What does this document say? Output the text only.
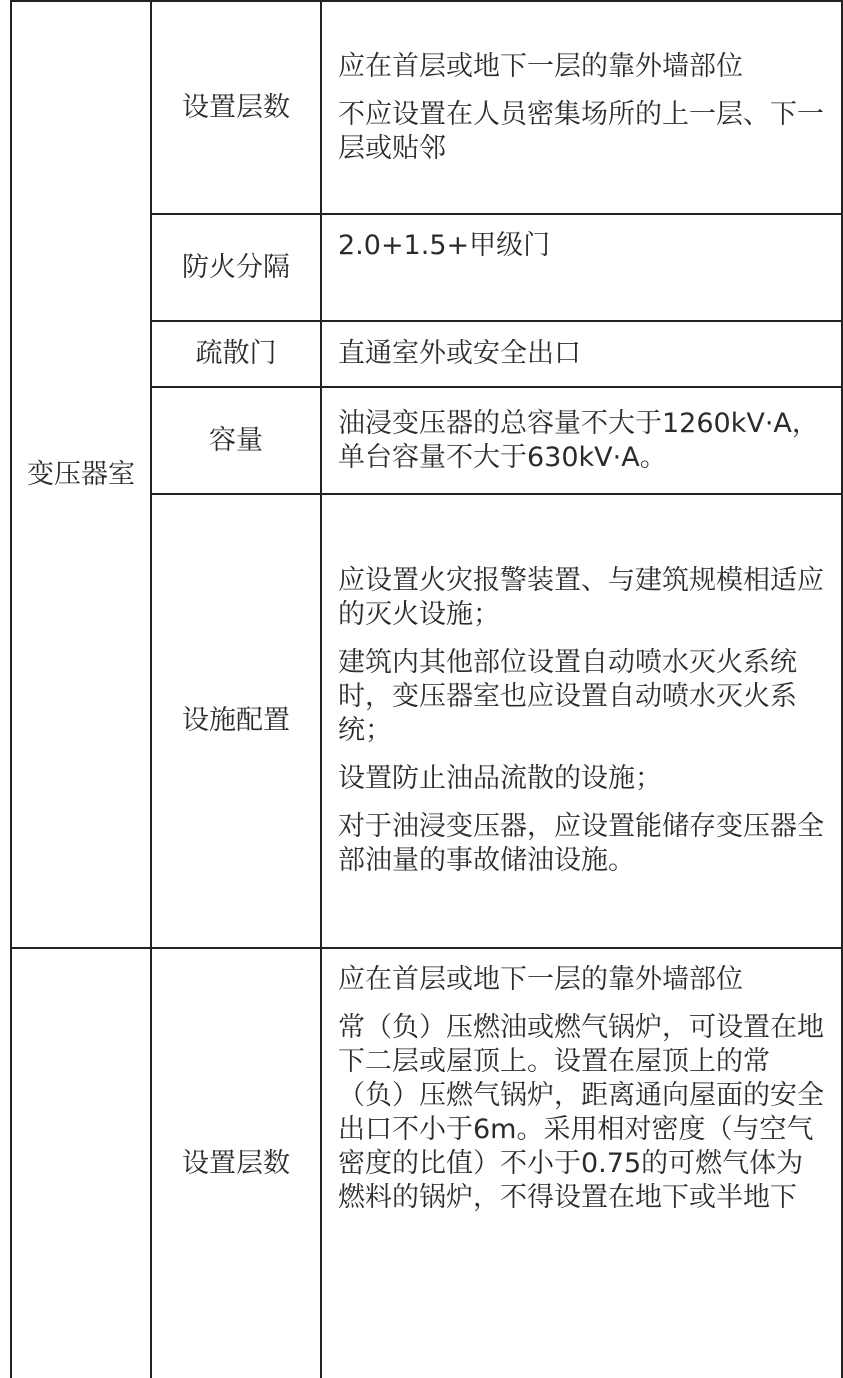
变压器室	设置层数	应在首层或地下一层的靠外墙部位
不应设置在人员密集场所的上一层、下一层或贴邻

	防火分隔	2.0+1.5+甲级门

	疏散门	直通室外或安全出口

	容量	油浸变压器的总容量不大于1260kV·A，单台容量不大于630kV·A。

	设施配置	应设置火灾报警装置、与建筑规模相适应的灭火设施；
建筑内其他部位设置自动喷水灭火系统时，变压器室也应设置自动喷水灭火系统；
设置防止油品流散的设施；
对于油浸变压器，应设置能储存变压器全部油量的事故储油设施。

	设置层数	应在首层或地下一层的靠外墙部位
常（负）压燃油或燃气锅炉，可设置在地下二层或屋顶上。设置在屋顶上的常 （负）压燃气锅炉，距离通向屋面的安全出口不小于6m。采用相对密度（与空气密度的比值）不小于0.75的可燃气体为燃料的锅炉，不得设置在地下或半地下
